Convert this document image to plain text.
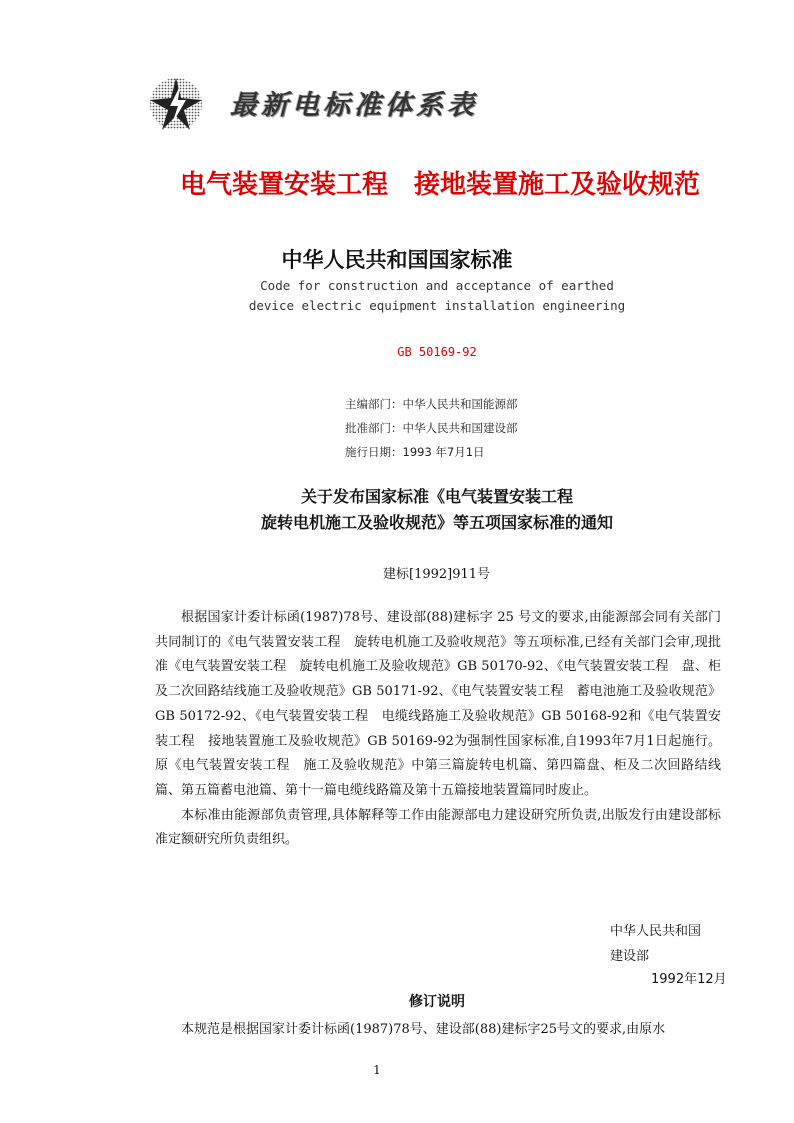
最新电标准体系表
电气装置安装工程　接地装置施工及验收规范
中华人民共和国国家标准
Code for construction and acceptance of earthed
device electric equipment installation engineering
GB 50169-92
主编部门：中华人民共和国能源部
批准部门：中华人民共和国建设部
施行日期：1993 年7月1日
关于发布国家标准《电气装置安装工程
旋转电机施工及验收规范》等五项国家标准的通知
建标[1992]911号

根据国家计委计标函(1987)78号、建设部(88)建标字 25 号文的要求,由能源部会同有关部门共同制订的《电气装置安装工程　旋转电机施工及验收规范》等五项标准,已经有关部门会审,现批准《电气装置安装工程　旋转电机施工及验收规范》GB 50170-92、《电气装置安装工程　盘、柜及二次回路结线施工及验收规范》GB 50171-92、《电气装置安装工程　蓄电池施工及验收规范》GB 50172-92、《电气装置安装工程　电缆线路施工及验收规范》GB 50168-92和《电气装置安装工程　接地装置施工及验收规范》GB 50169-92为强制性国家标准,自1993年7月1日起施行。原《电气装置安装工程　施工及验收规范》中第三篇旋转电机篇、第四篇盘、柜及二次回路结线篇、第五篇蓄电池篇、第十一篇电缆线路篇及第十五篇接地装置篇同时废止。

本标准由能源部负责管理,具体解释等工作由能源部电力建设研究所负责,出版发行由建设部标准定额研究所负责组织。

中华人民共和国
建设部
1992年12月
修订说明
本规范是根据国家计委计标函(1987)78号、建设部(88)建标字25号文的要求,由原水
1
